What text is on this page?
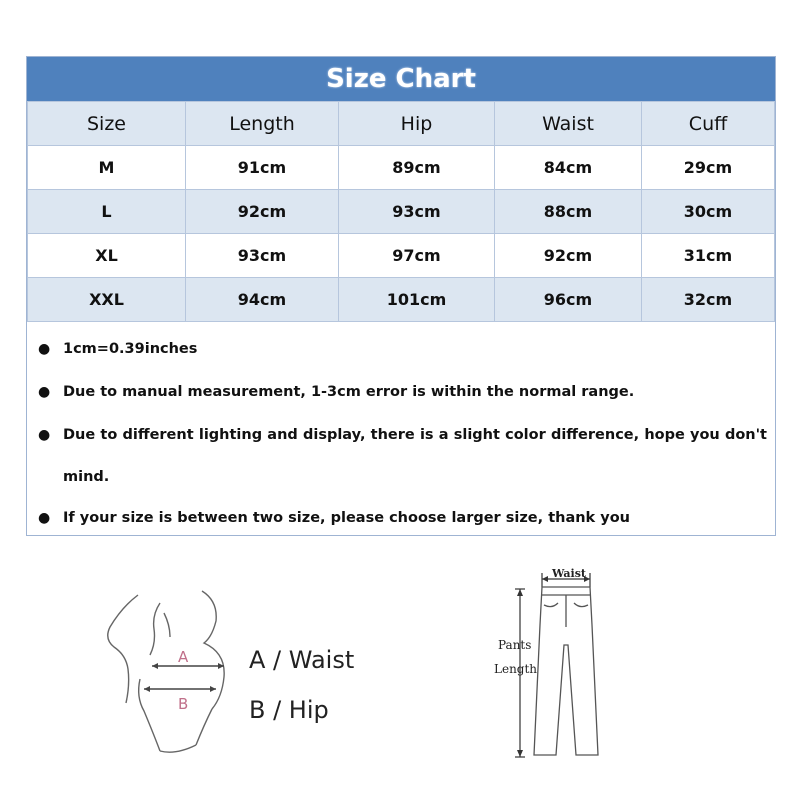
Size Chart
Size	Length	Hip	Waist	Cuff
M	91cm	89cm	84cm	29cm
L	92cm	93cm	88cm	30cm
XL	93cm	97cm	92cm	31cm
XXL	94cm	101cm	96cm	32cm
● 1cm=0.39inches
● Due to manual measurement, 1-3cm error is within the normal range.
● Due to different lighting and display, there is a slight color difference, hope you don't
mind.
● If your size is between two size, please choose larger size, thank you
A
B
A / Waist
B / Hip
Waist
Pants
Length
